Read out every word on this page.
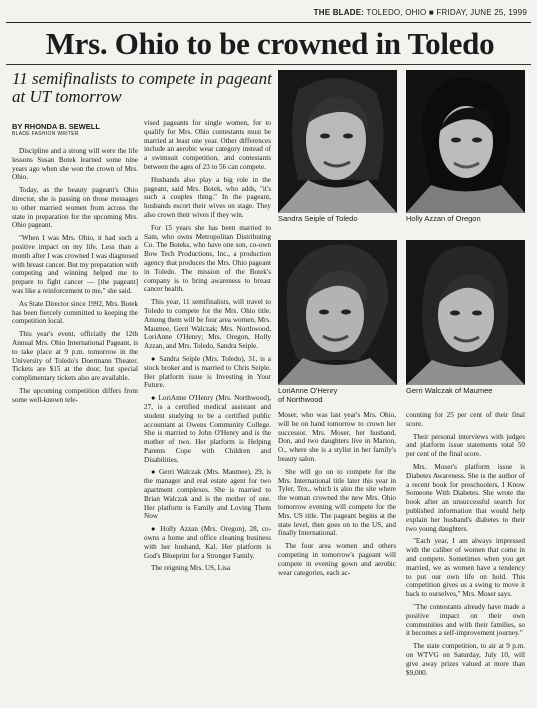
THE BLADE: TOLEDO, OHIO ■ FRIDAY, JUNE 25, 1999
Mrs. Ohio to be crowned in Toledo
11 semifinalists to compete in pageant at UT tomorrow
BY RHONDA B. SEWELL
BLADE FASHION WRITER

Discipline and a strong will were the life lessons Susan Botek learned some nine years ago when she won the crown of Mrs. Ohio.

Today, as the beauty pageant's Ohio director, she is passing on those messages to other married women from across the state in preparation for the upcoming Mrs. Ohio pageant.

"When I was Mrs. Ohio, it had such a positive impact on my life. Less than a month after I was crowned I was diagnosed with breast cancer. But my preparation with competing and winning helped me to prepare to fight cancer — [the pageant] was like a reinforcement to me," she said.

As State Director since 1992, Mrs. Botek has been fiercely committed to keeping the competition local.

This year's event, officially the 12th Annual Mrs. Ohio International Pageant, is to take place at 9 p.m. tomorrow in the University of Toledo's Doermann Theater. Tickets are $15 at the door, but special complimentary tickets also are available.

The upcoming competition differs from some well-known tele-

vised pageants for single women, for to qualify for Mrs. Ohio contestants must be married at least one year. Other differences include an aerobic wear category instead of a swimsuit competition, and contestants between the ages of 23 to 56 can compete.

Husbands also play a big role in the pageant, said Mrs. Botek, who adds, "it's such a couples thing." In the pageant, husbands escort their wives on stage. They also crown their wives if they win.

For 15 years she has been married to Sam, who owns Metropolitan Distributing Co. The Boteks, who have one son, co-own Bow Tech Productions, Inc., a production agency that produces the Mrs. Ohio pageant in Toledo. The mission of the Botek's company is to bring awareness to breast cancer health.

This year, 11 semifinalists, will travel to Toledo to compete for the Mrs. Ohio title. Among them will be four area women, Mrs. Maumee, Gerri Walczak; Mrs. Northwood, LoriAnne O'Henry; Mrs. Oregon, Holly Azzan, and Mrs. Toledo, Sandra Seiple.

● Sandra Seiple (Mrs. Toledo), 31, is a stock broker and is married to Chris Seiple. Her platform issue is Investing in Your Future.

● LoriAnne O'Henry (Mrs. Northwood), 27, is a certified medical assistant and student studying to be a certified public accountant at Owens Community College. She is married to John O'Henry and is the mother of two. Her platform is Helping Parents Cope with Children and Disabilities.

● Gerri Walczak (Mrs. Maumee), 29, is the manager and real estate agent for two apartment complexes. She is married to Brian Walczak and is the mother of one. Her platform is Family and Loving Them Now

● Holly Azzan (Mrs. Oregon), 28, co-owns a home and office cleaning business with her husband, Kal. Her platform is God's Blueprint for a Stronger Family.

The reigning Mrs. US, Lisa

Sandra Seiple of Toledo	Holly Azzan of Oregon
LoriAnne O'Henry
of Northwood
Gerri Walczak of Maumee

Moser, who was last year's Mrs. Ohio, will be on hand tomorrow to crown her successor. Mrs. Moser, her husband, Don, and two daughters live in Marion, O., where she is a stylist in her family's beauty salon.

She will go on to compete for the Mrs. International title later this year in Tyler, Tex., which is also the site where the woman crowned the new Mrs. Ohio tomorrow evening will compete for the Mrs. US title. The pageant begins at the state level, then goes on to the US, and finally International.

The four area women and others competing in tomorrow's pageant will compete in evening gown and aerobic wear categories, each ac-

counting for 25 per cent of their final score.

Their personal interviews with judges and platform issue statements total 50 per cent of the final score.

Mrs. Moser's platform issue is Diabetes Awareness. She is the author of a recent book for preschoolers, I Know Someone With Diabetes. She wrote the book after an unsuccessful search for published information that would help explain her husband's diabetes to their two young daughters.

"Each year, I am always impressed with the caliber of women that come in and compete. Sometimes when you get married, we as women have a tendency to put our own life on hold. This competition gives us a swing to move it back to ourselves," Mrs. Moser says.

"The contestants already have made a positive impact on their own communities and with their families, so it becomes a self-improvement journey."

The state competition, to air at 9 p.m. on WTVG on Saturday, July 10, will give away prizes valued at more than $9,000.
